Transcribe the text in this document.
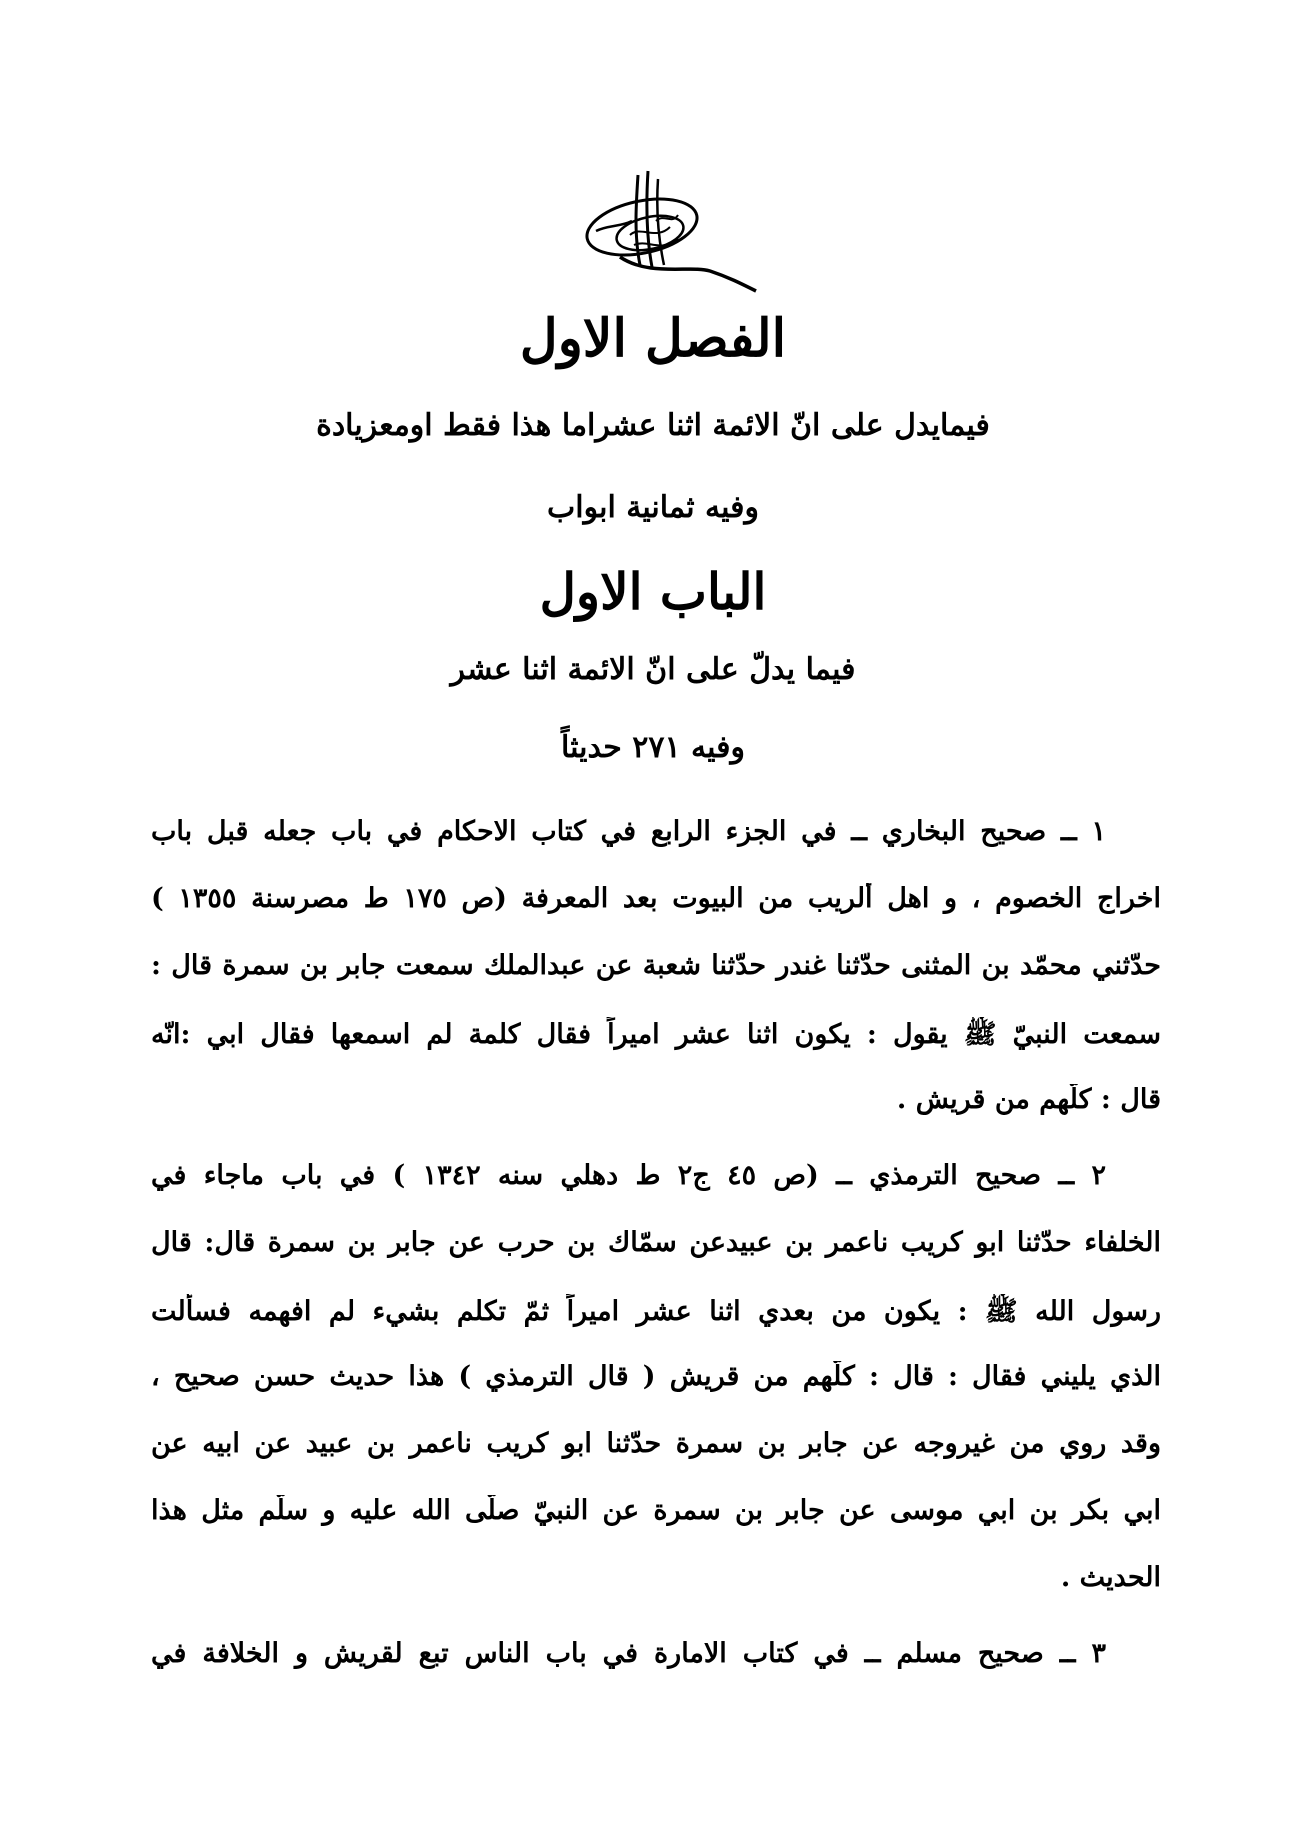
الفصل الاول
فيمايدل على انّ الائمة اثنا عشراما هذا فقط اومعزيادة
وفيه ثمانية ابواب
الباب الاول
فيما يدلّ على انّ الائمة اثنا عشر
وفيه ٢٧١ حديثاً
١ ــ صحيح البخاري ــ في الجزء الرابع في كتاب الاحكام في باب جعله قبل باب
اخراج الخصوم ، و اهل ألريب من البيوت بعد المعرفة (ص ١٧٥ ط مصرسنة ١٣٥٥ )
حدّثني محمّد بن المثنى حدّثنا غندر حدّثنا شعبة عن عبدالملك سمعت جابر بن سمرة قال :
سمعت النبيّ ﷺ يقول : يكون اثنا عشر اميراً فقال كلمة لم اسمعها فقال ابي :انّه
قال : كلّهم من قريش .
٢ ــ صحيح الترمذي ــ (ص ٤٥ ج٢ ط دهلي سنه ١٣٤٢ ) في باب ماجاء في
الخلفاء حدّثنا ابو كريب ناعمر بن عبيدعن سمّاك بن حرب عن جابر بن سمرة قال: قال
رسول الله ﷺ : يكون من بعدي اثنا عشر اميراً ثمّ تكلم بشيء لم افهمه فسألت
الذي يليني فقال : قال : كلّهم من قريش ( قال الترمذي ) هذا حديث حسن صحيح ،
وقد روي من غيروجه عن جابر بن سمرة حدّثنا ابو كريب ناعمر بن عبيد عن ابيه عن
ابي بكر بن ابي موسى عن جابر بن سمرة عن النبيّ صلّى الله عليه و سلّم مثل هذا
الحديث .
٣ ــ صحيح مسلم ــ في كتاب الامارة في باب الناس تبع لقريش و الخلافة في
